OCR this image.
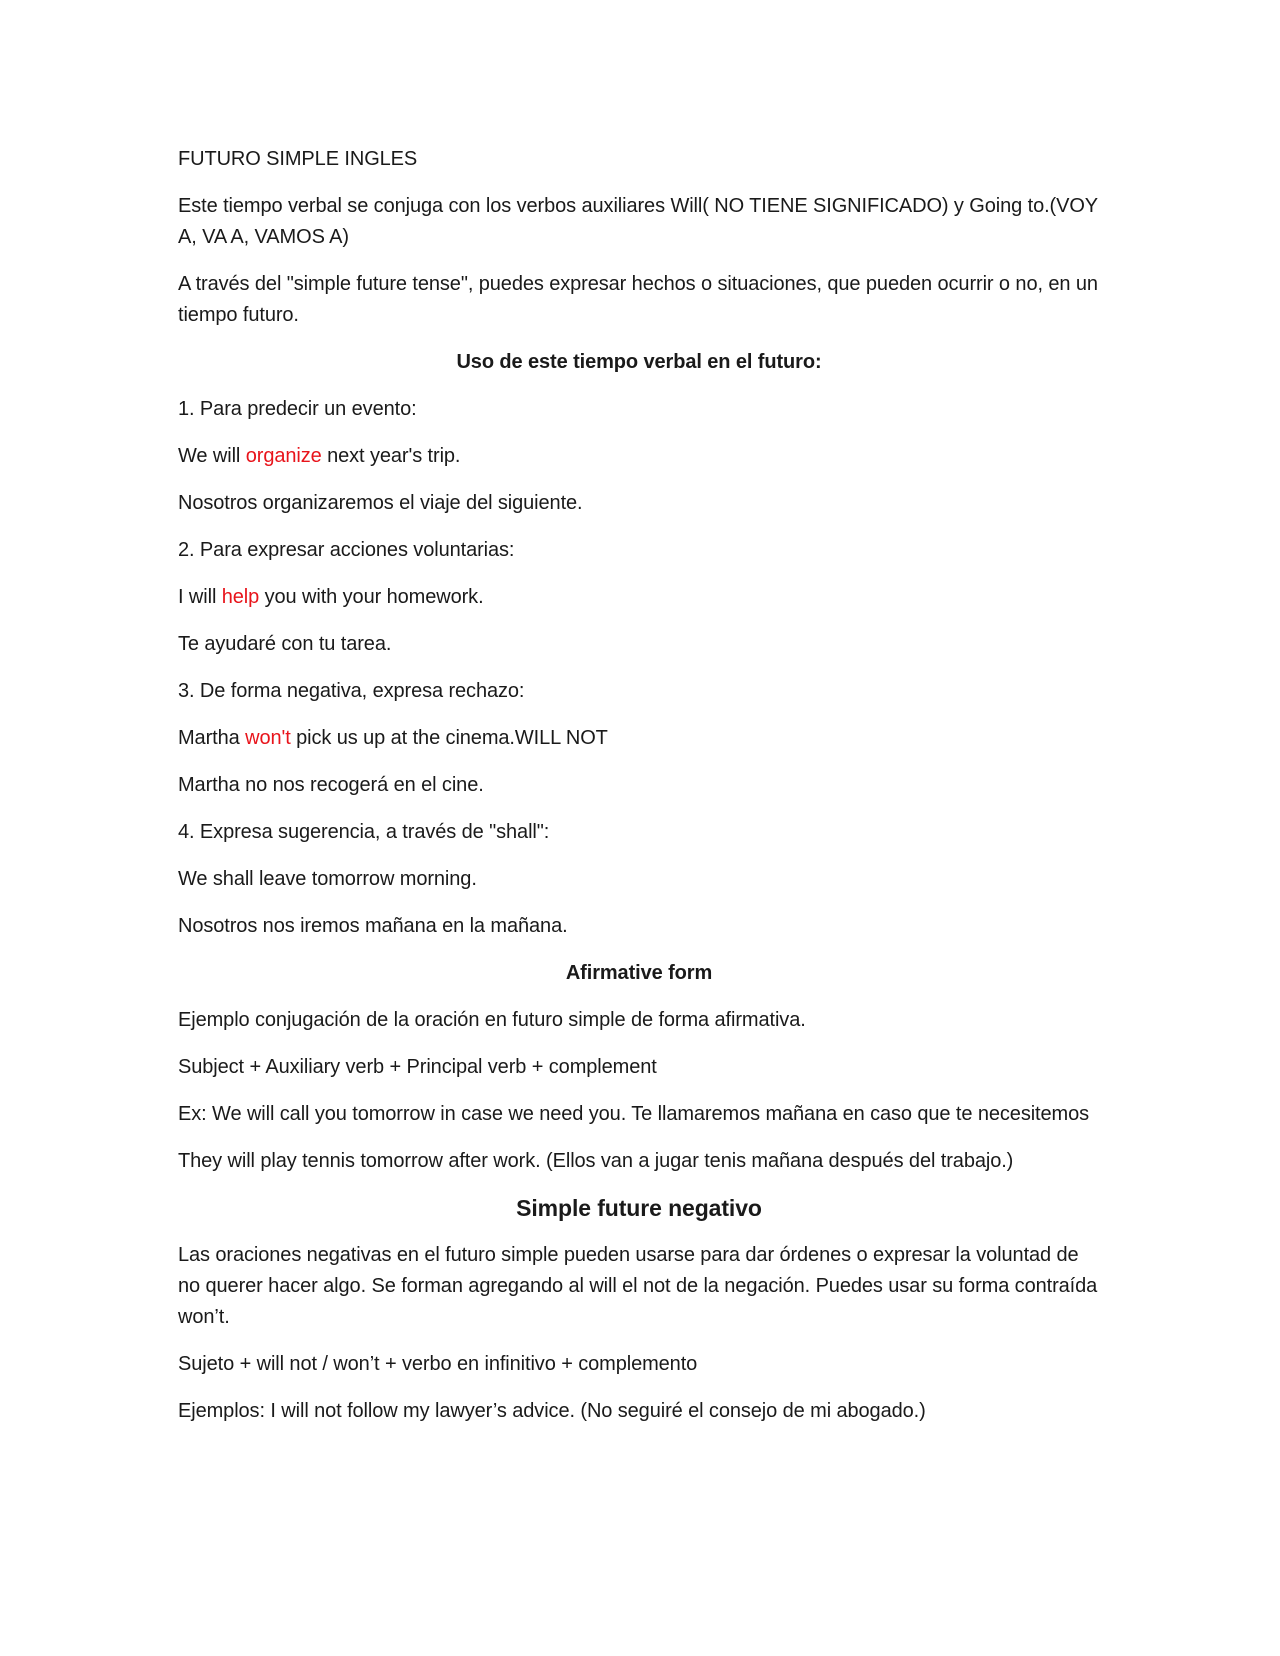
FUTURO SIMPLE INGLES

Este tiempo verbal se conjuga con los verbos auxiliares Will( NO TIENE SIGNIFICADO) y Going to.(VOY A, VA A, VAMOS A)

A través del "simple future tense", puedes expresar hechos o situaciones, que pueden ocurrir o no, en un tiempo futuro.

Uso de este tiempo verbal en el futuro:

1. Para predecir un evento:

We will organize next year's trip.

Nosotros organizaremos el viaje del siguiente.

2. Para expresar acciones voluntarias:

I will help you with your homework.

Te ayudaré con tu tarea.

3. De forma negativa, expresa rechazo:

Martha won't pick us up at the cinema.WILL NOT

Martha no nos recogerá en el cine.

4. Expresa sugerencia, a través de "shall":

We shall leave tomorrow morning.

Nosotros nos iremos mañana en la mañana.

Afirmative form

Ejemplo conjugación de la oración en futuro simple de forma afirmativa.

Subject + Auxiliary verb + Principal verb + complement

Ex: We will call you tomorrow in case we need you. Te llamaremos mañana en caso que te necesitemos

They will play tennis tomorrow after work. (Ellos van a jugar tenis mañana después del trabajo.)

Simple future negativo

Las oraciones negativas en el futuro simple pueden usarse para dar órdenes o expresar la voluntad de no querer hacer algo. Se forman agregando al will el not de la negación. Puedes usar su forma contraída won’t.

Sujeto + will not / won’t + verbo en infinitivo + complemento

Ejemplos: I will not follow my lawyer’s advice. (No seguiré el consejo de mi abogado.)
